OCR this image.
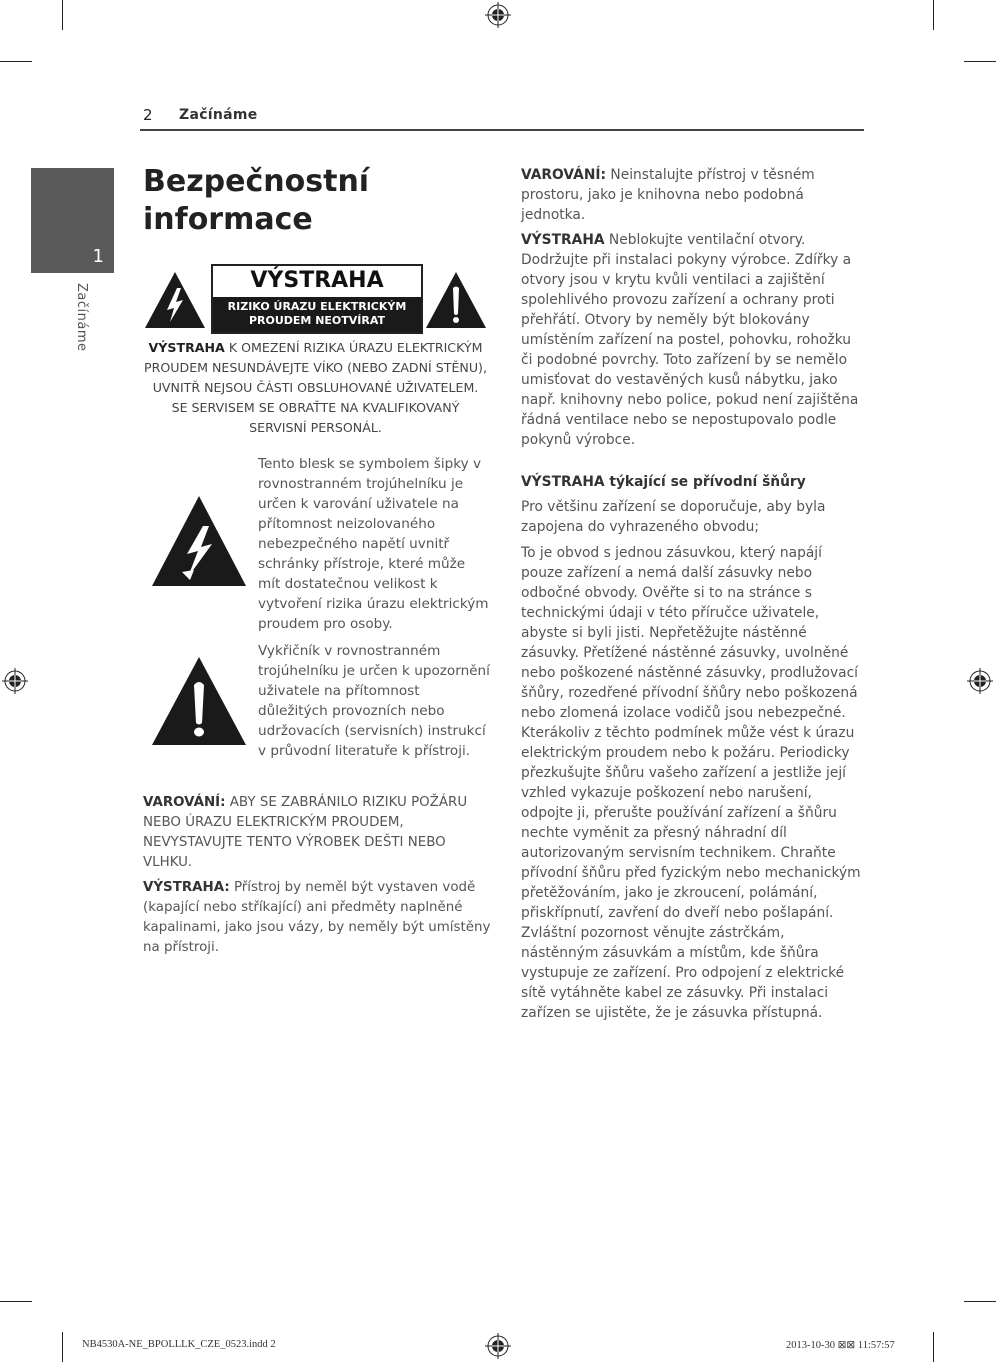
2 Začínáme
1
Začínáme
Bezpečnostní
informace
VÝSTRAHA
RIZIKO ÚRAZU ELEKTRICKÝM
PROUDEM NEOTVÍRAT
VÝSTRAHA K OMEZENÍ RIZIKA ÚRAZU ELEKTRICKÝM PROUDEM NESUNDÁVEJTE VÍKO (NEBO ZADNÍ STĚNU), UVNITŘ NEJSOU ČÁSTI OBSLUHOVANÉ UŽIVATELEM. SE SERVISEM SE OBRAŤTE NA KVALIFIKOVANÝ SERVISNÍ PERSONÁL.
Tento blesk se symbolem šipky v rovnostranném trojúhelníku je určen k varování uživatele na přítomnost neizolovaného nebezpečného napětí uvnitř schránky přístroje, které může mít dostatečnou velikost k vytvoření rizika úrazu elektrickým proudem pro osoby.
Vykřičník v rovnostranném trojúhelníku je určen k upozornění uživatele na přítomnost důležitých provozních nebo udržovacích (servisních) instrukcí v průvodní literatuře k přístroji.

VAROVÁNÍ: ABY SE ZABRÁNILO RIZIKU POŽÁRU NEBO ÚRAZU ELEKTRICKÝM PROUDEM, NEVYSTAVUJTE TENTO VÝROBEK DEŠTI NEBO VLHKU.

VÝSTRAHA: Přístroj by neměl být vystaven vodě (kapající nebo stříkající) ani předměty naplněné kapalinami, jako jsou vázy, by neměly být umístěny na přístroji.

VAROVÁNÍ: Neinstalujte přístroj v těsném prostoru, jako je knihovna nebo podobná jednotka.

VÝSTRAHA Neblokujte ventilační otvory. Dodržujte při instalaci pokyny výrobce. Zdířky a otvory jsou v krytu kvůli ventilaci a zajištění spolehlivého provozu zařízení a ochrany proti přehřátí. Otvory by neměly být blokovány umístěním zařízení na postel, pohovku, rohožku či podobné povrchy. Toto zařízení by se nemělo umisťovat do vestavěných kusů nábytku, jako např. knihovny nebo police, pokud není zajištěna řádná ventilace nebo se nepostupovalo podle pokynů výrobce.

VÝSTRAHA týkající se přívodní šňůry

Pro většinu zařízení se doporučuje, aby byla zapojena do vyhrazeného obvodu;

To je obvod s jednou zásuvkou, který napájí pouze zařízení a nemá další zásuvky nebo odbočné obvody. Ověřte si to na stránce s technickými údaji v této příručce uživatele, abyste si byli jisti. Nepřetěžujte nástěnné zásuvky. Přetížené nástěnné zásuvky, uvolněné nebo poškozené nástěnné zásuvky, prodlužovací šňůry, rozedřené přívodní šňůry nebo poškozená nebo zlomená izolace vodičů jsou nebezpečné. Kterákoliv z těchto podmínek může vést k úrazu elektrickým proudem nebo k požáru. Periodicky přezkušujte šňůru vašeho zařízení a jestliže její vzhled vykazuje poškození nebo narušení, odpojte ji, přerušte používání zařízení a šňůru nechte vyměnit za přesný náhradní díl autorizovaným servisním technikem. Chraňte přívodní šňůru před fyzickým nebo mechanickým přetěžováním, jako je zkroucení, polámání, přiskřípnutí, zavření do dveří nebo pošlapání. Zvláštní pozornost věnujte zástrčkám, nástěnným zásuvkám a místům, kde šňůra vystupuje ze zařízení. Pro odpojení z elektrické sítě vytáhněte kabel ze zásuvky. Při instalaci zařízen se ujistěte, že je zásuvka přístupná.

NB4530A-NE_BPOLLLK_CZE_0523.indd 2	2013-10-30 ⊠⊠ 11:57:57
